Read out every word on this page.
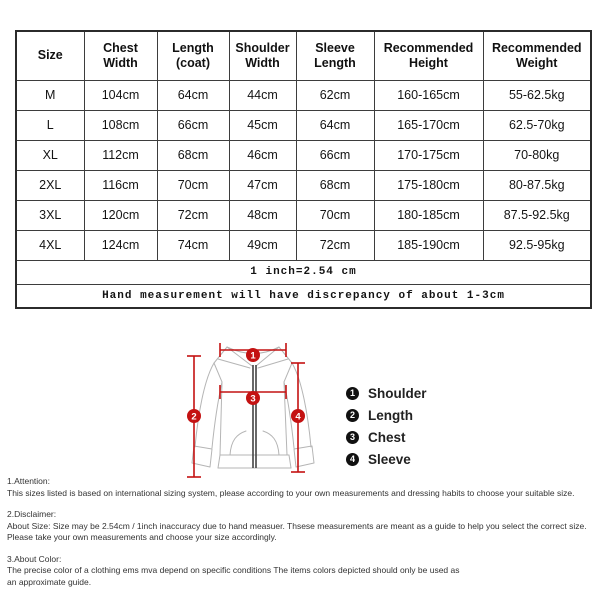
Size	Chest Width	Length (coat)	Shoulder Width	Sleeve Length	Recommended Height	Recommended Weight
M	104cm	64cm	44cm	62cm	160-165cm	55-62.5kg
L	108cm	66cm	45cm	64cm	165-170cm	62.5-70kg
XL	112cm	68cm	46cm	66cm	170-175cm	70-80kg
2XL	116cm	70cm	47cm	68cm	175-180cm	80-87.5kg
3XL	120cm	72cm	48cm	70cm	180-185cm	87.5-92.5kg
4XL	124cm	74cm	49cm	72cm	185-190cm	92.5-95kg
1 inch=2.54 cm						
Hand measurement will have discrepancy of about 1-3cm						
1
2
3
4
1 Shoulder
2 Length
3 Chest
4 Sleeve
1.Attention:
This sizes listed is based on international sizing system, please according to your own measurements and dressing habits to choose your suitable size.
2.Disclaimer:
About Size: Size may be 2.54cm / 1inch inaccuracy due to hand measuer. Thsese measurements are meant as a guide to help you select the correct size.
Please take your own measurements and choose your size accordingly.
3.About Color:
The precise color of a clothing ems mva depend on specific conditions The items colors depicted should only be used as
an approximate guide.
